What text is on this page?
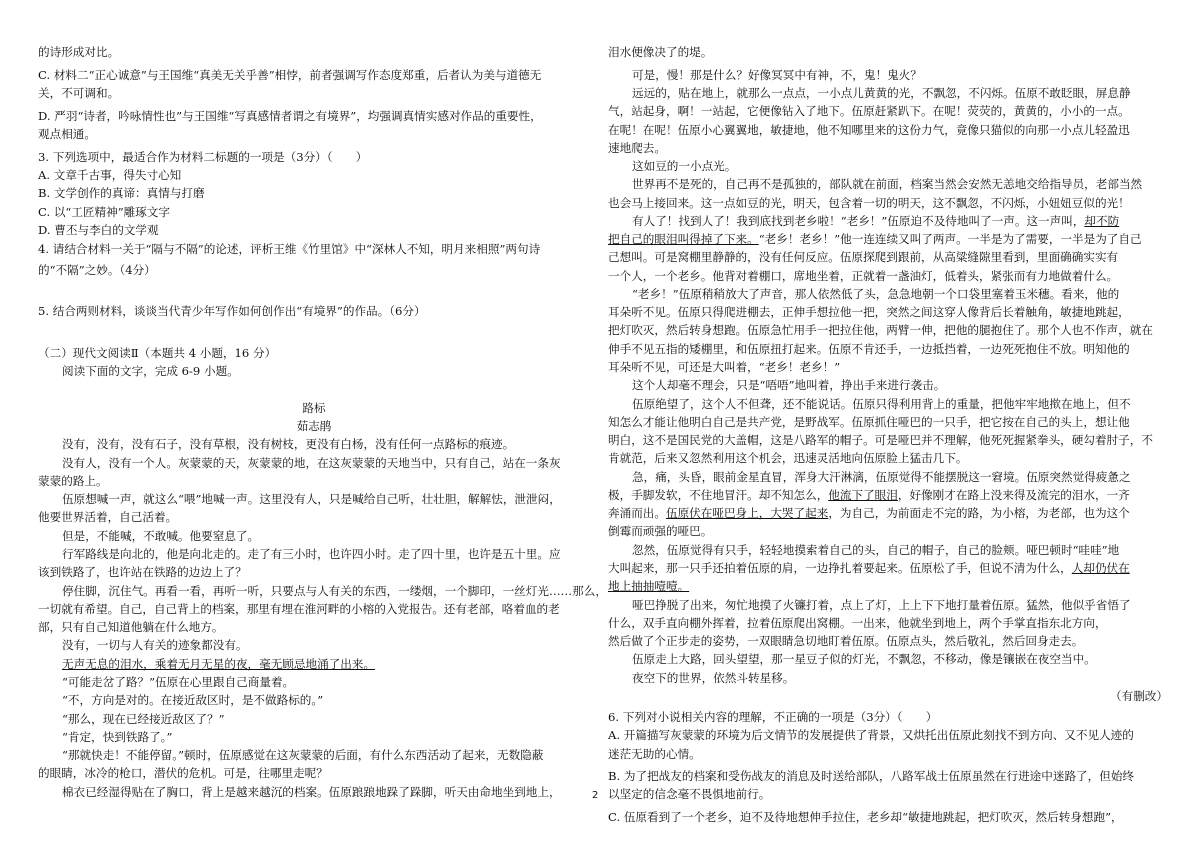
的诗形成对比。
C. 材料二“正心诚意”与王国维“真美无关乎善”相悖，前者强调写作态度郑重，后者认为美与道德无
关，不可调和。
D. 严羽“诗者，吟咏情性也”与王国维“写真感情者谓之有境界”，均强调真情实感对作品的重要性，
观点相通。
3. 下列选项中，最适合作为材料二标题的一项是（3分）（　　）
A. 文章千古事，得失寸心知
B. 文学创作的真谛：真情与打磨
C. 以“工匠精神”雕琢文字
D. 曹丕与李白的文学观
4. 请结合材料一关于“隔与不隔”的论述，评析王维《竹里馆》中“深林人不知，明月来相照”两句诗
的“不隔”之妙。（4分）
5. 结合两则材料，谈谈当代青少年写作如何创作出“有境界”的作品。（6分）
（二）现代文阅读Ⅱ（本题共 4 小题，16 分）
阅读下面的文字，完成 6-9 小题。
路标
茹志鹃
没有，没有，没有石子，没有草根，没有树枝，更没有白杨，没有任何一点路标的痕迹。
没有人，没有一个人。灰蒙蒙的天，灰蒙蒙的地，在这灰蒙蒙的天地当中，只有自己，站在一条灰
蒙蒙的路上。
伍原想喊一声，就这么“喂”地喊一声。这里没有人，只是喊给自己听，壮壮胆，解解怯，泄泄闷，
他要世界活着，自己活着。
但是，不能喊，不敢喊。他要窒息了。
行军路线是向北的，他是向北走的。走了有三小时，也许四小时。走了四十里，也许是五十里。应
该到铁路了，也许站在铁路的边边上了？
停住脚，沉住气。再看一看，再听一听，只要点与人有关的东西，一缕烟，一个脚印，一丝灯光……那么，
一切就有希望。自己，自己背上的档案，那里有埋在淮河畔的小榕的入党报告。还有老部，咯着血的老
部，只有自己知道他躺在什么地方。
没有，一切与人有关的迹象都没有。
无声无息的泪水，乘着无月无星的夜，毫无顾忌地涌了出来。
“可能走岔了路？”伍原在心里跟自己商量着。
“不，方向是对的。在接近敌区时，是不做路标的。”
“那么，现在已经接近敌区了？”
“肯定，快到铁路了。”
“那就快走！不能停留。”顿时，伍原感觉在这灰蒙蒙的后面，有什么东西活动了起来，无数隐蔽
的眼睛，冰冷的枪口，潜伏的危机。可是，往哪里走呢？
棉衣已经湿得贴在了胸口，背上是越来越沉的档案。伍原踉踉地跺了跺脚，听天由命地坐到地上，
泪水便像决了的堤。
可是，慢！那是什么？好像冥冥中有神，不，鬼！鬼火？
远远的，贴在地上，就那么一点点，一小点儿黄黄的光，不飘忽，不闪烁。伍原不敢眨眼，屏息静
气，站起身，啊！一站起，它便像钻入了地下。伍原赶紧趴下。在呢！荧荧的，黄黄的，小小的一点。
在呢！在呢！伍原小心翼翼地，敏捷地，他不知哪里来的这份力气，竟像只猫似的向那一小点儿轻盈迅
速地爬去。
这如豆的一小点光。
世界再不是死的，自己再不是孤独的，部队就在前面，档案当然会安然无恙地交给指导员，老部当然
也会马上接回来。这一点如豆的光，明天，包含着一切的明天，这不飘忽，不闪烁，小妞妞豆似的光！
有人了！找到人了！我到底找到老乡啦！“老乡！”伍原迫不及待地叫了一声。这一声叫，却不防
把自己的眼泪叫得掉了下来。“老乡！老乡！”他一连连续又叫了两声。一半是为了需要，一半是为了自己
己想叫。可是窝棚里静静的，没有任何反应。伍原探爬到跟前，从高粱缝隙里看到，里面确确实实有
一个人，一个老乡。他背对着棚口，席地坐着，正就着一盏油灯，低着头，紧张而有力地做着什么。
“老乡！”伍原稍稍放大了声音，那人依然低了头，急急地朝一个口袋里塞着玉米穗。看来，他的
耳朵听不见。伍原只得爬进棚去，正伸手想拉他一把，突然之间这穿人像背后长着触角，敏捷地跳起，
把灯吹灭，然后转身想跑。伍原急忙用手一把拉住他，两臂一伸，把他的腿抱住了。那个人也不作声，就在
伸手不见五指的矮棚里，和伍原扭打起来。伍原不肯还手，一边抵挡着，一边死死抱住不放。明知他的
耳朵听不见，可还是大叫着，“老乡！老乡！”
这个人却毫不理会，只是“唔唔”地叫着，挣出手来进行袭击。
伍原绝望了，这个人不但聋，还不能说话。伍原只得利用背上的重量，把他牢牢地揿在地上，但不
知怎么才能让他明白自己是共产党，是野战军。伍原抓住哑巴的一只手，把它按在自己的头上，想让他
明白，这不是国民党的大盖帽，这是八路军的帽子。可是哑巴并不理解，他死死握紧拳头，硬勾着肘子，不
肯就范，后来又忽然利用这个机会，迅速灵活地向伍原脸上猛击几下。
急，痛，头昏，眼前金星直冒，浑身大汗淋漓，伍原觉得不能摆脱这一窘境。伍原突然觉得疲惫之
极，手脚发软，不住地冒汗。却不知怎么，他流下了眼泪，好像刚才在路上没来得及流完的泪水，一齐
奔涌而出。伍原伏在哑巴身上，大哭了起来，为自己，为前面走不完的路，为小榕，为老部，也为这个
倒霉而顽强的哑巴。
忽然，伍原觉得有只手，轻轻地摸索着自己的头，自己的帽子，自己的脸颊。哑巴顿时“哇哇”地
大叫起来，那一只手还拍着伍原的肩，一边挣扎着要起来。伍原松了手，但说不清为什么，人却仍伏在
地上抽抽噎噎。
哑巴挣脱了出来，匆忙地摸了火镰打着，点上了灯，上上下下地打量着伍原。猛然，他似乎省悟了
什么，双手直向棚外挥着，拉着伍原爬出窝棚。一出来，他就坐到地上，两个手掌直指东北方向，
然后做了个正步走的姿势，一双眼睛急切地盯着伍原。伍原点头，然后敬礼，然后回身走去。
伍原走上大路，回头望望，那一星豆子似的灯光，不飘忽，不移动，像是镶嵌在夜空当中。
夜空下的世界，依然斗转星移。
（有删改）
6. 下列对小说相关内容的理解，不正确的一项是（3分）（　　）
A. 开篇描写灰蒙蒙的环境为后文情节的发展提供了背景，又烘托出伍原此刻找不到方向、又不见人迹的
迷茫无助的心情。
B. 为了把战友的档案和受伤战友的消息及时送给部队，八路军战士伍原虽然在行进途中迷路了，但始终
以坚定的信念毫不畏惧地前行。
C. 伍原看到了一个老乡，迫不及待地想伸手拉住，老乡却“敏捷地跳起，把灯吹灭，然后转身想跑”，
2
